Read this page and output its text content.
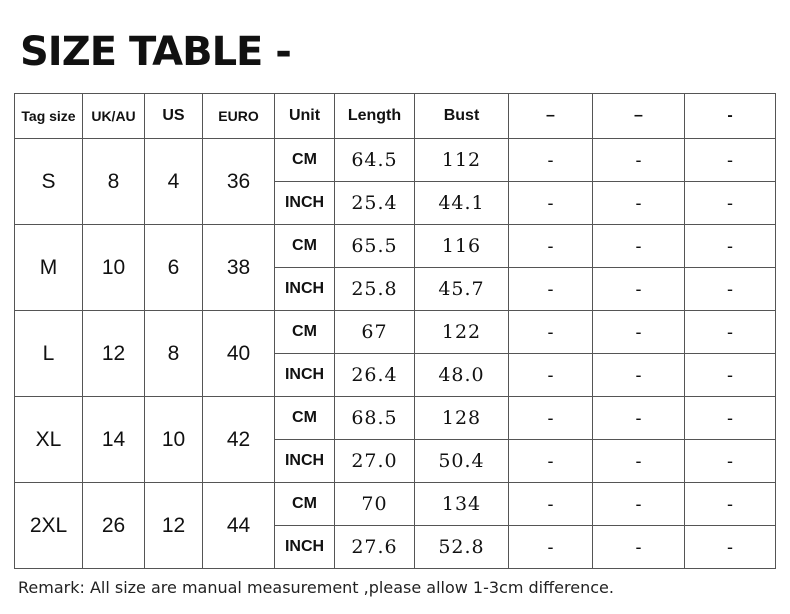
SIZE TABLE -
Tag size	UK/AU	US	EURO	Unit	Length	Bust	–	–	-
S	8	4	36	CM	64.5	112	-	-	-
				INCH	25.4	44.1	-	-	-
M	10	6	38	CM	65.5	116	-	-	-
				INCH	25.8	45.7	-	-	-
L	12	8	40	CM	67	122	-	-	-
				INCH	26.4	48.0	-	-	-
XL	14	10	42	CM	68.5	128	-	-	-
				INCH	27.0	50.4	-	-	-
2XL	26	12	44	CM	70	134	-	-	-
				INCH	27.6	52.8	-	-	-
Remark: All size are manual measurement ,please allow 1-3cm difference.
